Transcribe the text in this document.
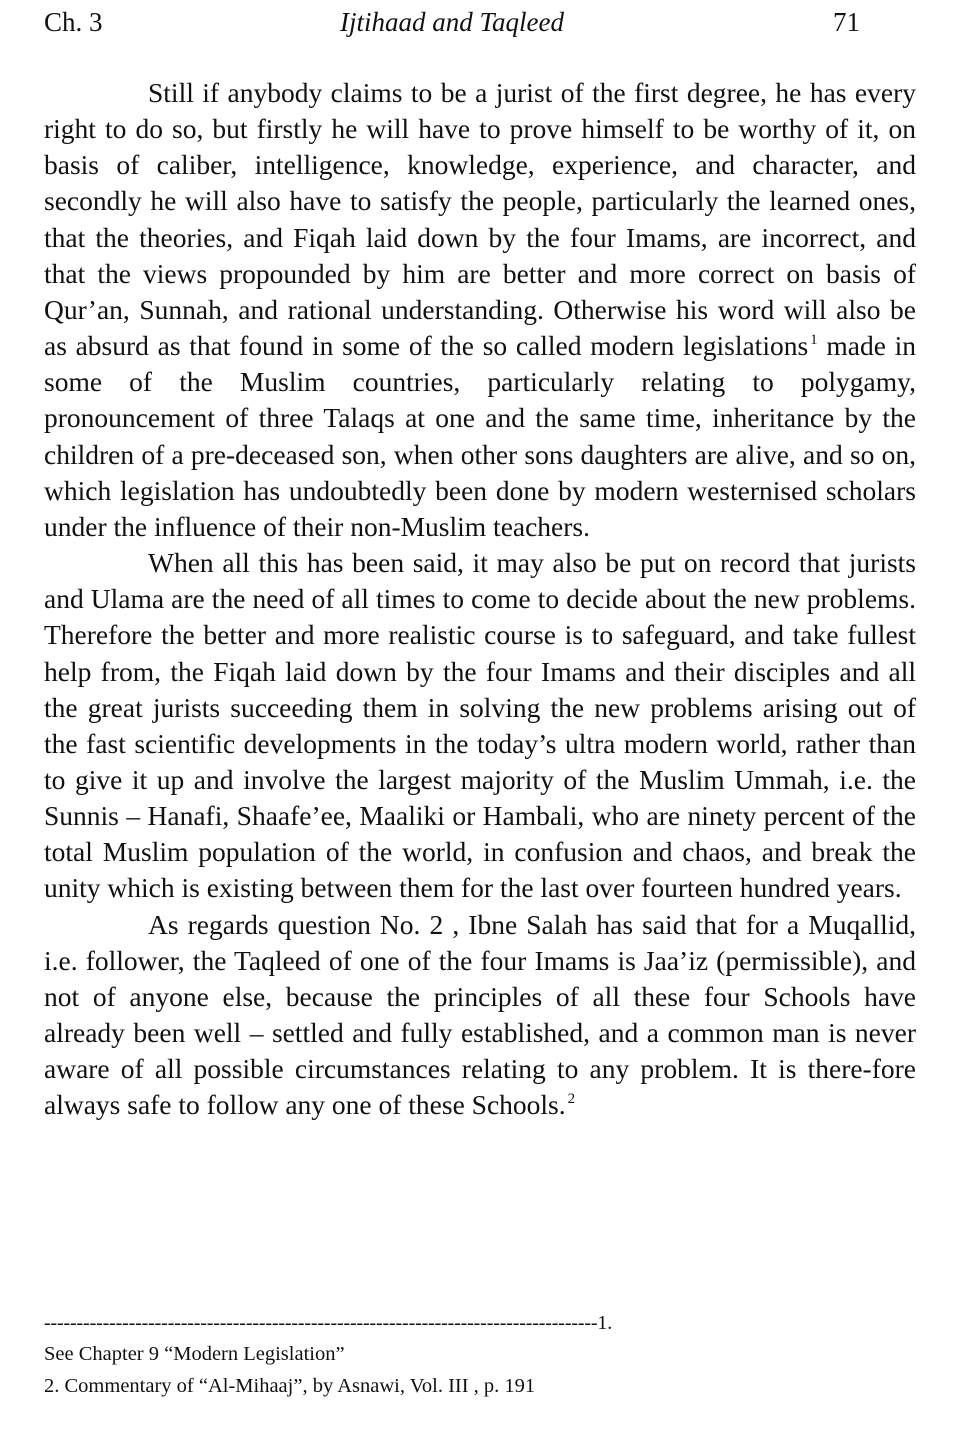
Ch. 3	Ijtihaad and Taqleed	71

Still if anybody claims to be a jurist of the first degree, he has every right to do so, but firstly he will have to prove himself to be worthy of it, on basis of caliber, intelligence, knowledge, experience, and character, and secondly he will also have to satisfy the people, particularly the learned ones, that the theories, and Fiqah laid down by the four Imams, are incorrect, and that the views propounded by him are better and more correct on basis of Qur’an, Sunnah, and rational understanding. Otherwise his word will also be as absurd as that found in some of the so called modern legislations $^1$ made in some of the Muslim countries, particularly relating to polygamy, pronouncement of three Talaqs at one and the same time, inheritance by the children of a pre-deceased son, when other sons daughters are alive, and so on, which legislation has undoubtedly been done by modern westernised scholars under the influence of their non-Muslim teachers.

When all this has been said, it may also be put on record that jurists and Ulama are the need of all times to come to decide about the new problems. Therefore the better and more realistic course is to safeguard, and take fullest help from, the Fiqah laid down by the four Imams and their disciples and all the great jurists succeeding them in solving the new problems arising out of the fast scientific developments in the today’s ultra modern world, rather than to give it up and involve the largest majority of the Muslim Ummah, i.e. the Sunnis – Hanafi, Shaafe’ee, Maaliki or Hambali, who are ninety percent of the total Muslim population of the world, in confusion and chaos, and break the unity which is existing between them for the last over fourteen hundred years.

As regards question No. 2 , Ibne Salah has said that for a Muqallid, i.e. follower, the Taqleed of one of the four Imams is Jaa’iz (permissible), and not of anyone else, because the principles of all these four Schools have already been well – settled and fully established, and a common man is never aware of all possible circumstances relating to any problem. It is there-fore always safe to follow any one of these Schools. $^2$

-------------------------------------------------------------------------------------1.
See Chapter 9 “Modern Legislation”
2. Commentary of “Al-Mihaaj”, by Asnawi, Vol. III , p. 191
